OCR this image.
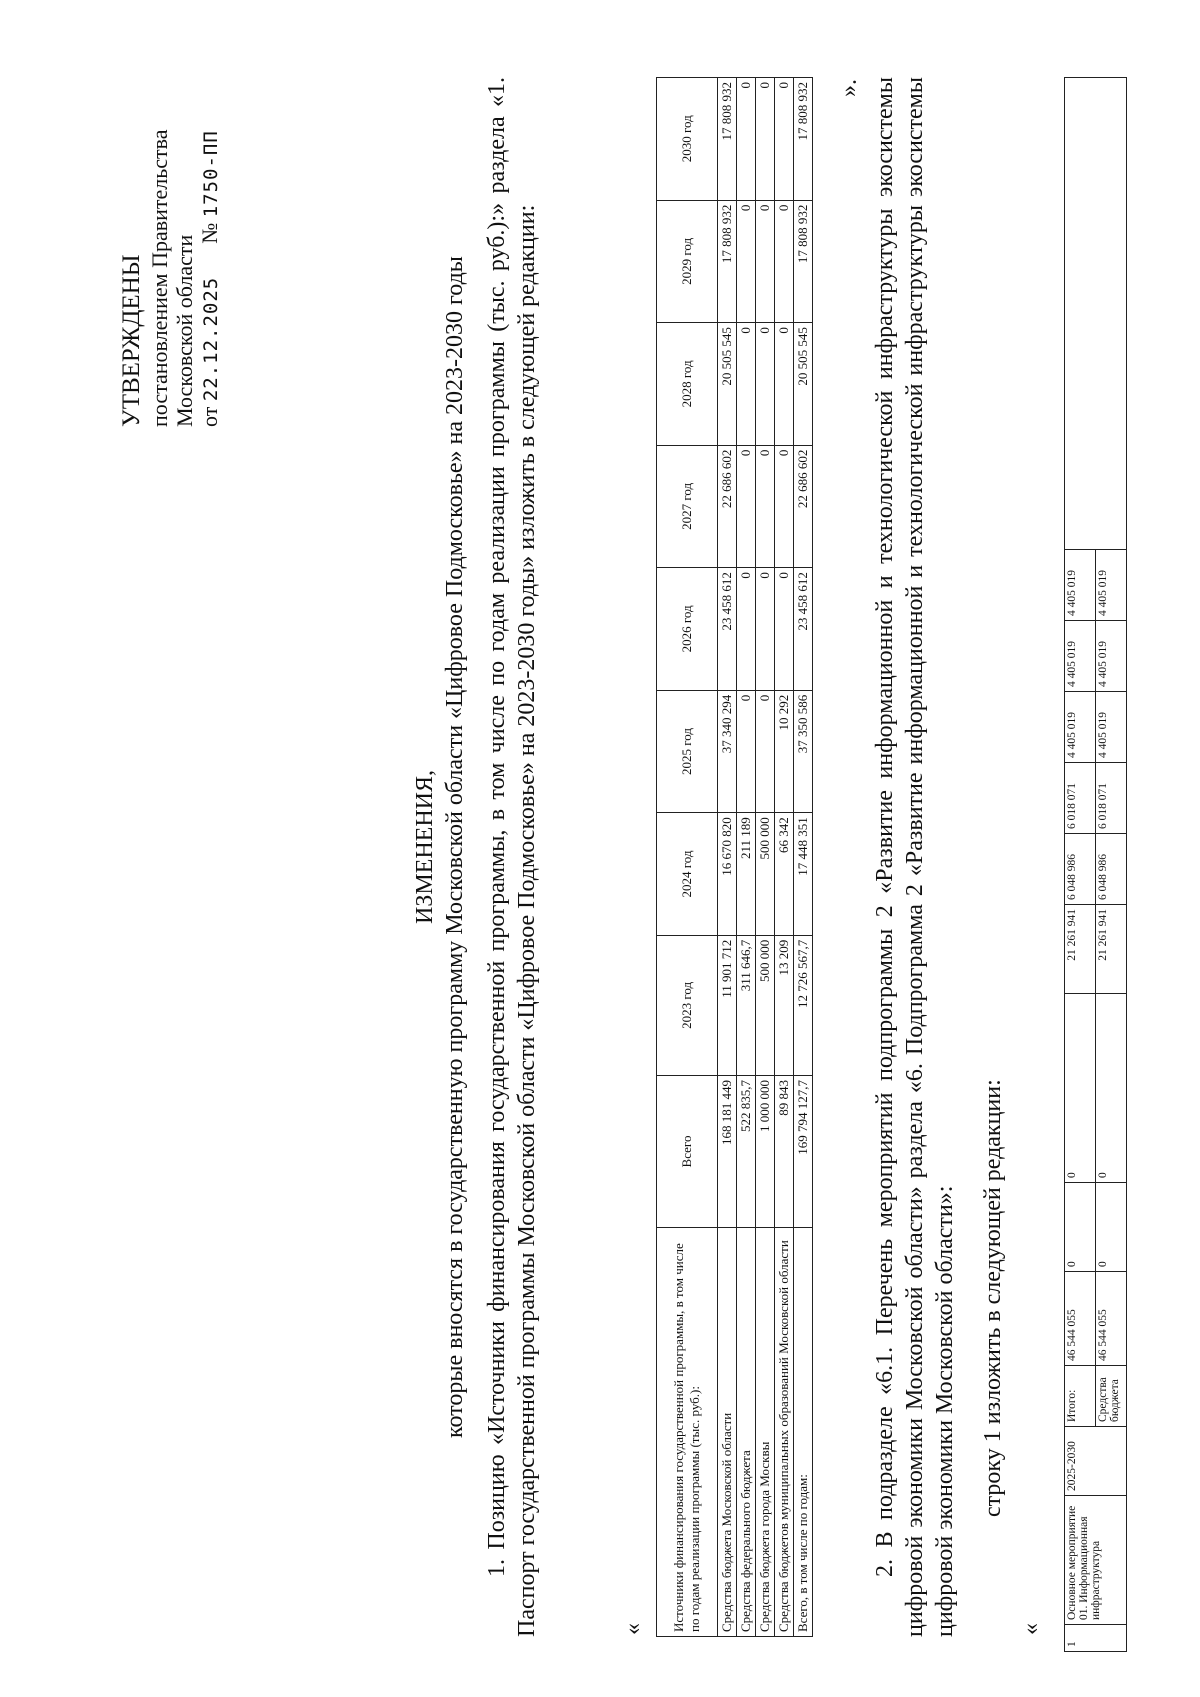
УТВЕРЖДЕНЫ постановлением Правительства Московской области от 22.12.2025      № 1750-ПП
ИЗМЕНЕНИЯ, которые вносятся в государственную программу Московской области «Цифровое Подмосковье» на 2023-2030 годы 1. Позицию «Источники финансирования государственной программы, в том числе по годам реализации программы (тыс. руб.):» раздела «1. Паспорт государственной программы Московской области «Цифровое Подмосковье» на 2023-2030 годы» изложить в следующей редакции:	« Источники финансирования государственной программы, в том числе по годам реализации программы (тыс. руб.):	Всего	2023 год	2024 год	2025 год	2026 год	2027 год	2028 год	2029 год	2030 год
Средства бюджета Московской области	168 181 449	11 901 712	16 670 820	37 340 294	23 458 612	22 686 602	20 505 545	17 808 932	17 808 932
Средства федерального бюджета	522 835,7	311 646,7	211 189	0	0	0	0	0	0
Средства бюджета города Москвы	1 000 000	500 000	500 000	0	0	0	0	0	0
Средства бюджетов муниципальных образований Московской области	89 843	13 209	66 342	10 292	0	0	0	0	0
Всего, в том числе по годам:	169 794 127,7	12 726 567,7	17 448 351	37 350 586	23 458 612	22 686 602	20 505 545	17 808 932	17 808 932 ». 2. В подразделе «6.1. Перечень мероприятий подпрограммы 2 «Развитие информационной и технологической инфраструктуры экосистемы цифровой экономики Московской области» раздела «6. Подпрограмма 2 «Развитие информационной и технологической инфраструктуры экосистемы цифровой экономики Московской области»: строку 1 изложить в следующей редакции:
«
1	Основное мероприятие 01. Информационная инфраструктура	2025-2030	Итого:	46 544 055	0	0	21 261 941	6 048 986	6 018 071	4 405 019	4 405 019	4 405 019	
			Средства бюджета	46 544 055	0	0	21 261 941	6 048 986	6 018 071	4 405 019	4 405 019	4 405 019	
